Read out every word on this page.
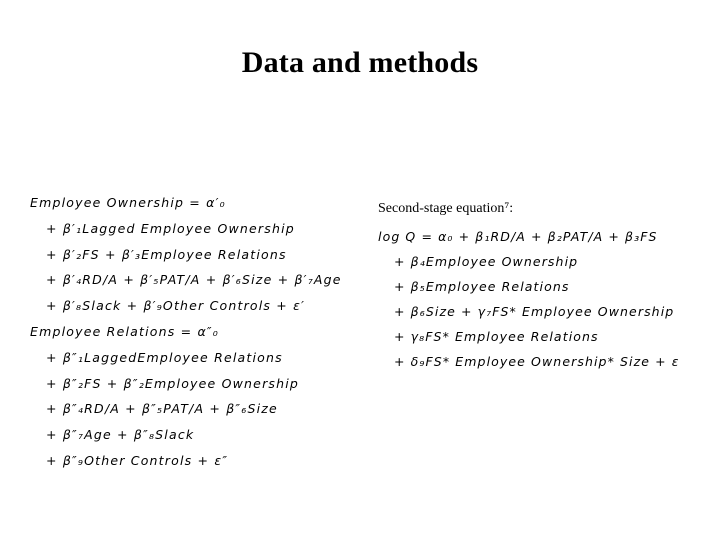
Data and methods
Employee Ownership = α′₀
+ β′₁Lagged Employee Ownership
+ β′₂FS + β′₃Employee Relations
+ β′₄RD/A + β′₅PAT/A + β′₆Size + β′₇Age
+ β′₈Slack + β′₉Other Controls + ε′
Employee Relations = α″₀
+ β″₁LaggedEmployee Relations
+ β″₂FS + β″₂Employee Ownership
+ β″₄RD/A + β″₅PAT/A + β″₆Size
+ β″₇Age + β″₈Slack
+ β″₉Other Controls + ε″
Second-stage equation⁷:
log Q = α₀ + β₁RD/A + β₂PAT/A + β₃FS
+ β₄Employee Ownership
+ β₅Employee Relations
+ β₆Size + γ₇FS* Employee Ownership
+ γ₈FS* Employee Relations
+ δ₉FS* Employee Ownership* Size + ε
